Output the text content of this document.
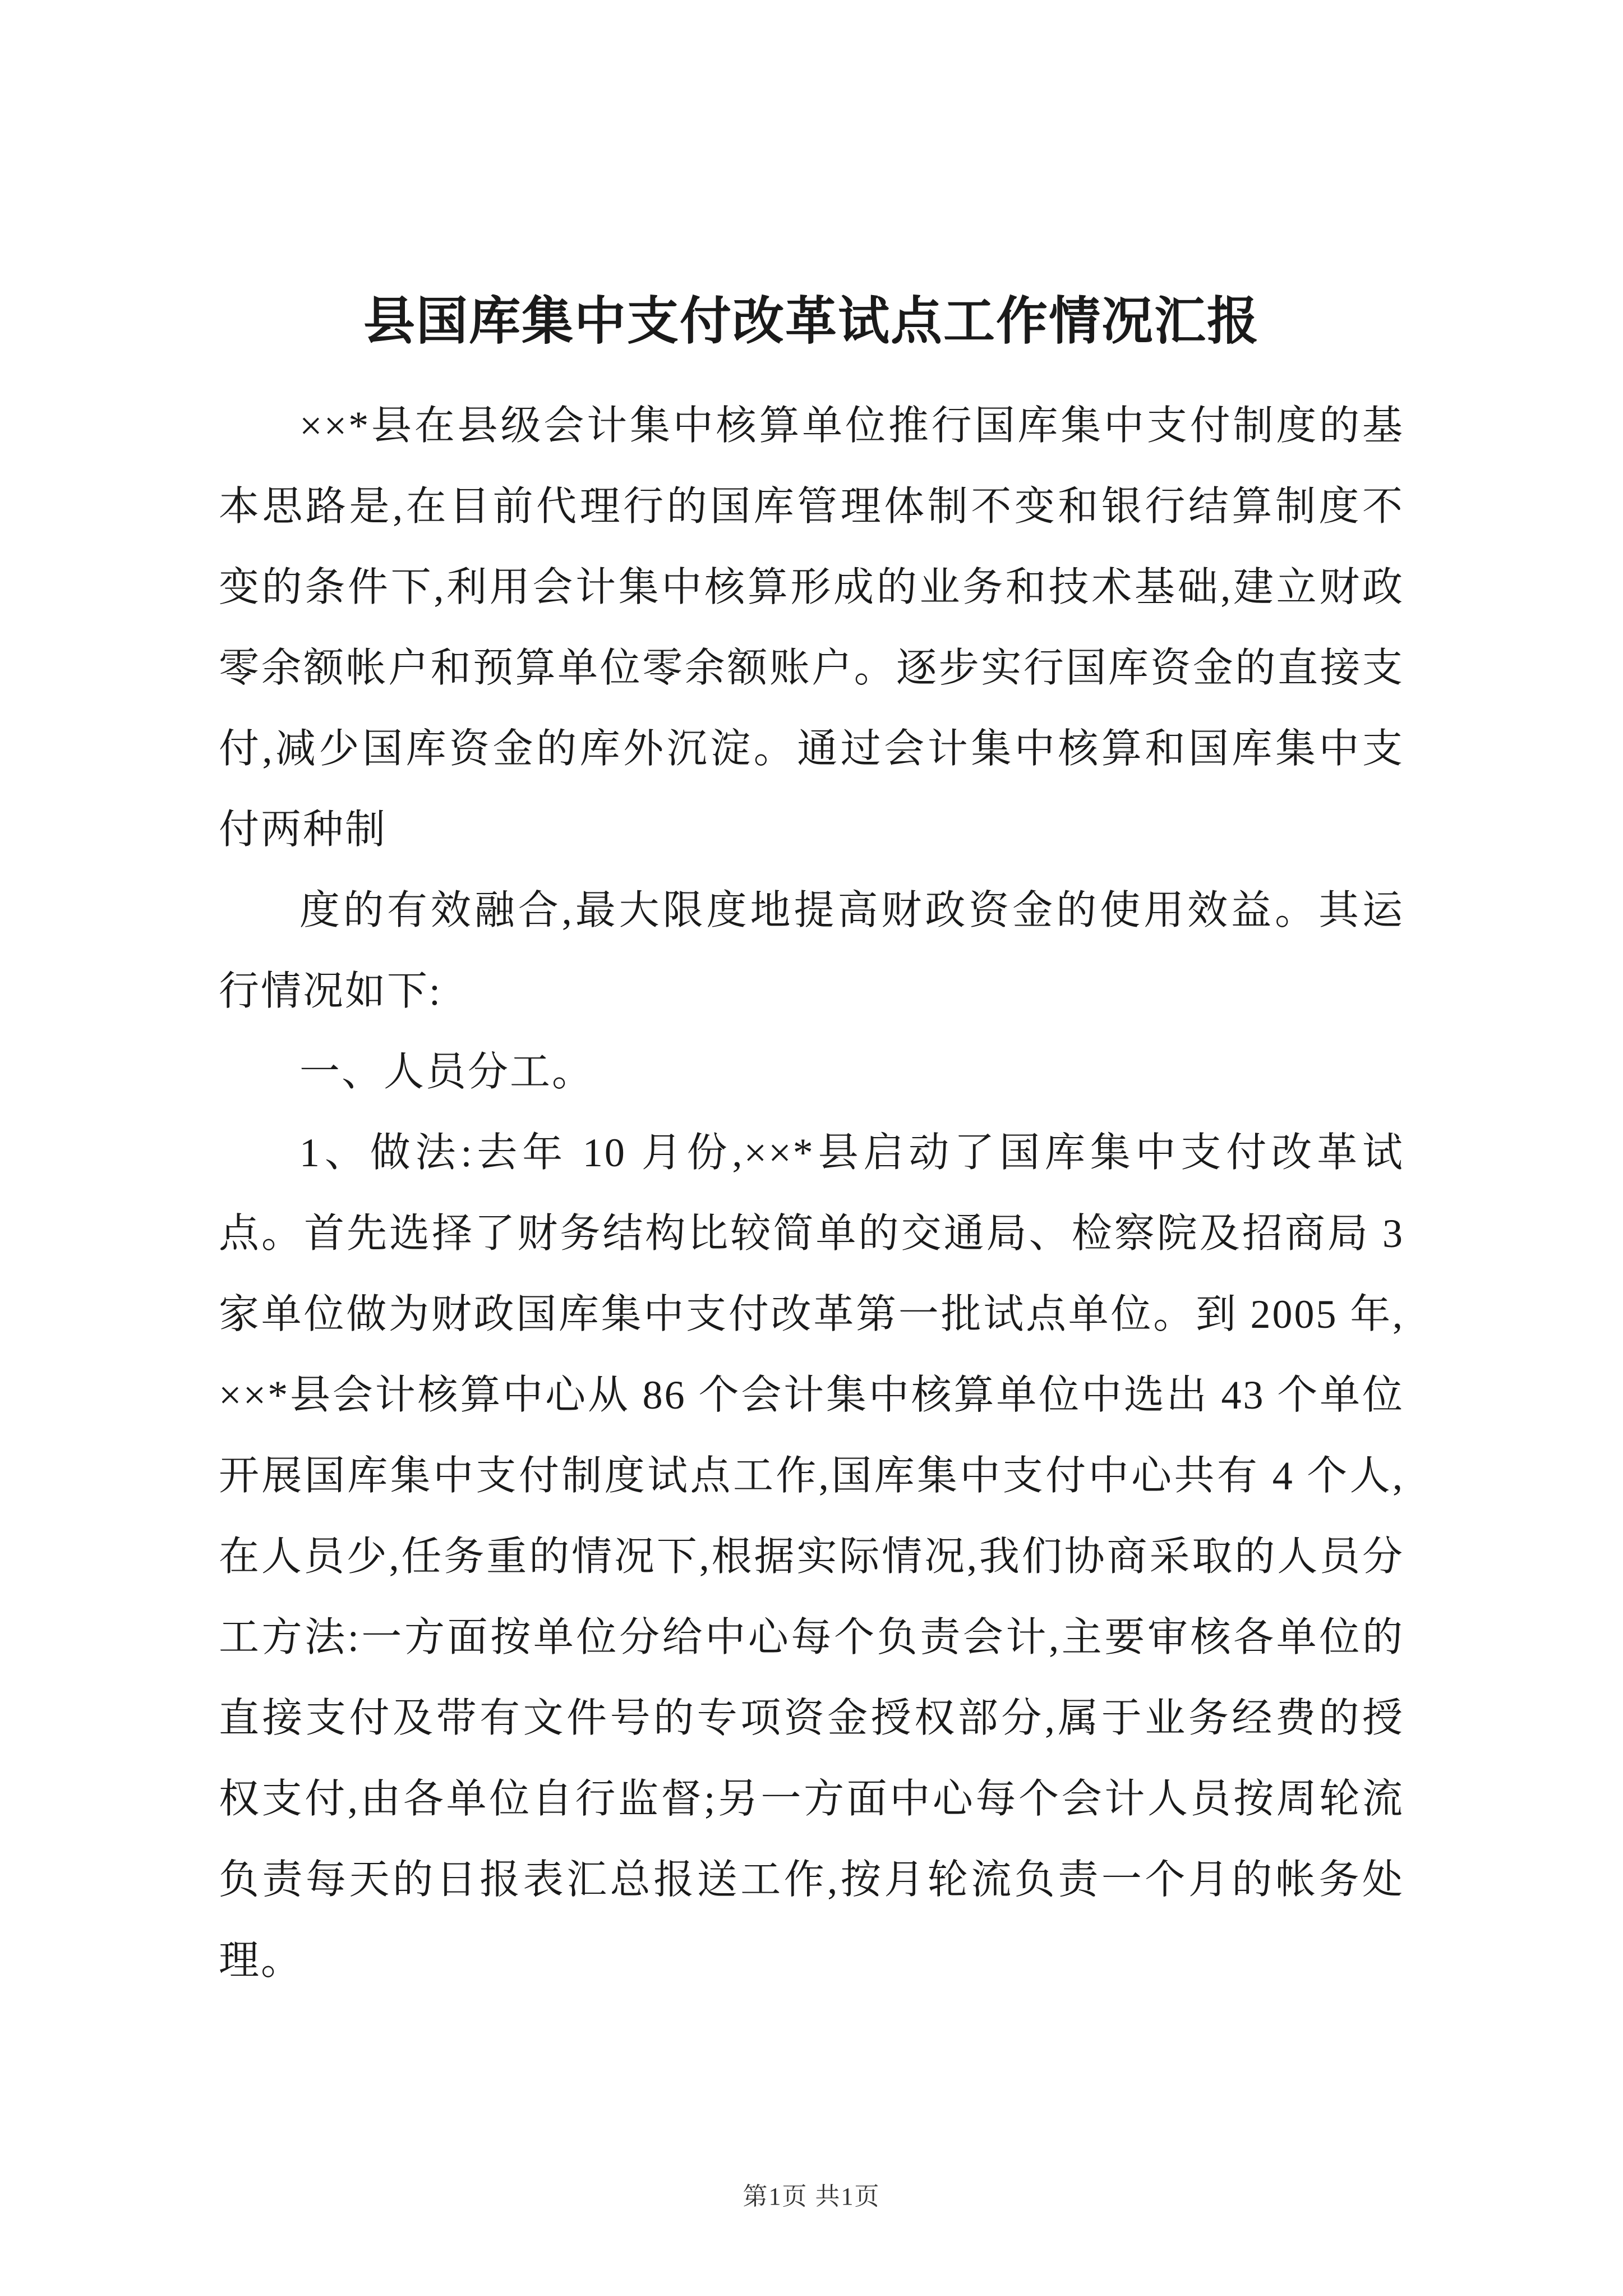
县国库集中支付改革试点工作情况汇报

××*县在县级会计集中核算单位推行国库集中支付制度的基本思路是,在目前代理行的国库管理体制不变和银行结算制度不变的条件下,利用会计集中核算形成的业务和技术基础,建立财政零余额帐户和预算单位零余额账户。逐步实行国库资金的直接支付,减少国库资金的库外沉淀。通过会计集中核算和国库集中支付两种制

度的有效融合,最大限度地提高财政资金的使用效益。其运行情况如下:

一、人员分工。

1、做法:去年 10 月份,××*县启动了国库集中支付改革试点。首先选择了财务结构比较简单的交通局、检察院及招商局 3 家单位做为财政国库集中支付改革第一批试点单位。到 2005 年,××*县会计核算中心从 86 个会计集中核算单位中选出 43 个单位开展国库集中支付制度试点工作,国库集中支付中心共有 4 个人,在人员少,任务重的情况下,根据实际情况,我们协商采取的人员分工方法:一方面按单位分给中心每个负责会计,主要审核各单位的直接支付及带有文件号的专项资金授权部分,属于业务经费的授权支付,由各单位自行监督;另一方面中心每个会计人员按周轮流负责每天的日报表汇总报送工作,按月轮流负责一个月的帐务处理。

第1页 共1页
